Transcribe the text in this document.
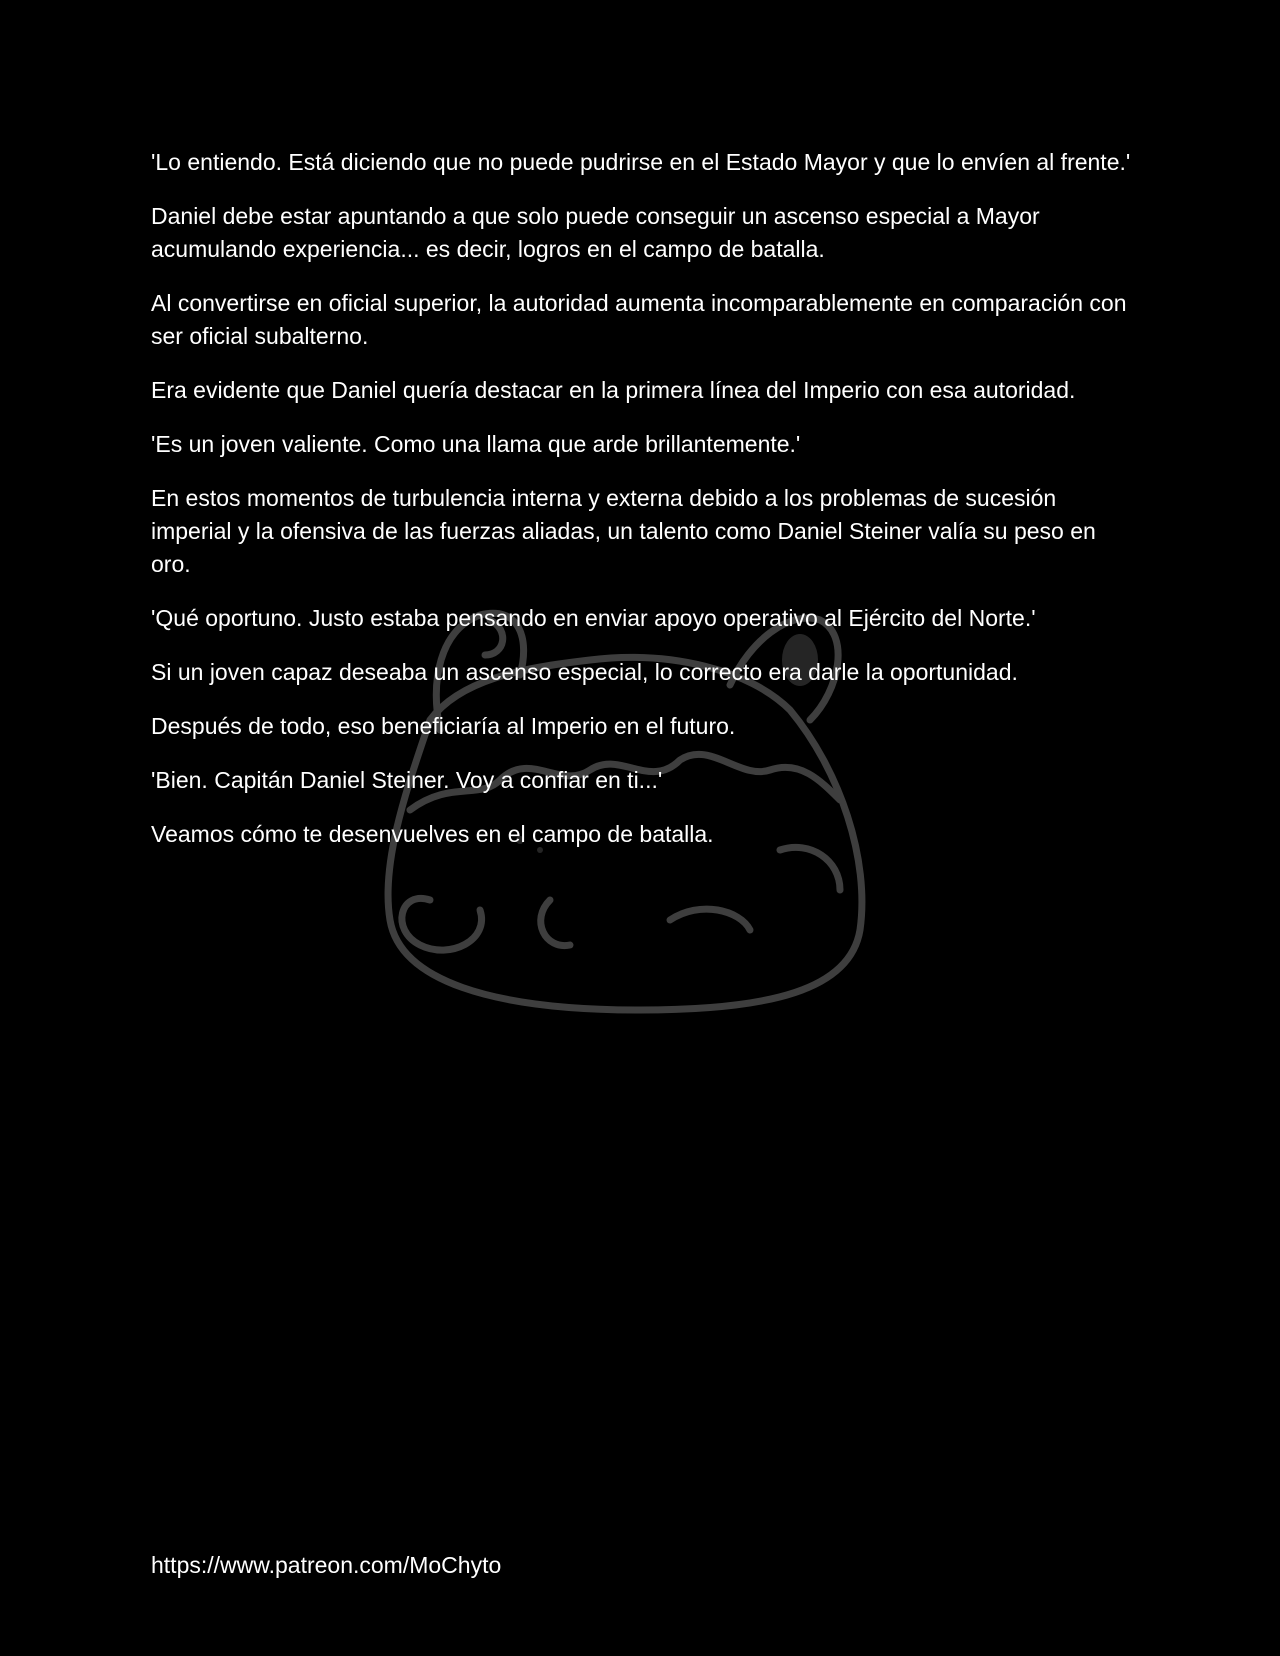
'Lo entiendo. Está diciendo que no puede pudrirse en el Estado Mayor y que lo envíen al frente.'

Daniel debe estar apuntando a que solo puede conseguir un ascenso especial a Mayor acumulando experiencia... es decir, logros en el campo de batalla.

Al convertirse en oficial superior, la autoridad aumenta incomparablemente en comparación con ser oficial subalterno.

Era evidente que Daniel quería destacar en la primera línea del Imperio con esa autoridad.

'Es un joven valiente. Como una llama que arde brillantemente.'

En estos momentos de turbulencia interna y externa debido a los problemas de sucesión imperial y la ofensiva de las fuerzas aliadas, un talento como Daniel Steiner valía su peso en oro.

'Qué oportuno. Justo estaba pensando en enviar apoyo operativo al Ejército del Norte.'

Si un joven capaz deseaba un ascenso especial, lo correcto era darle la oportunidad.

Después de todo, eso beneficiaría al Imperio en el futuro.

'Bien. Capitán Daniel Steiner. Voy a confiar en ti...'

Veamos cómo te desenvuelves en el campo de batalla.

https://www.patreon.com/MoChyto
